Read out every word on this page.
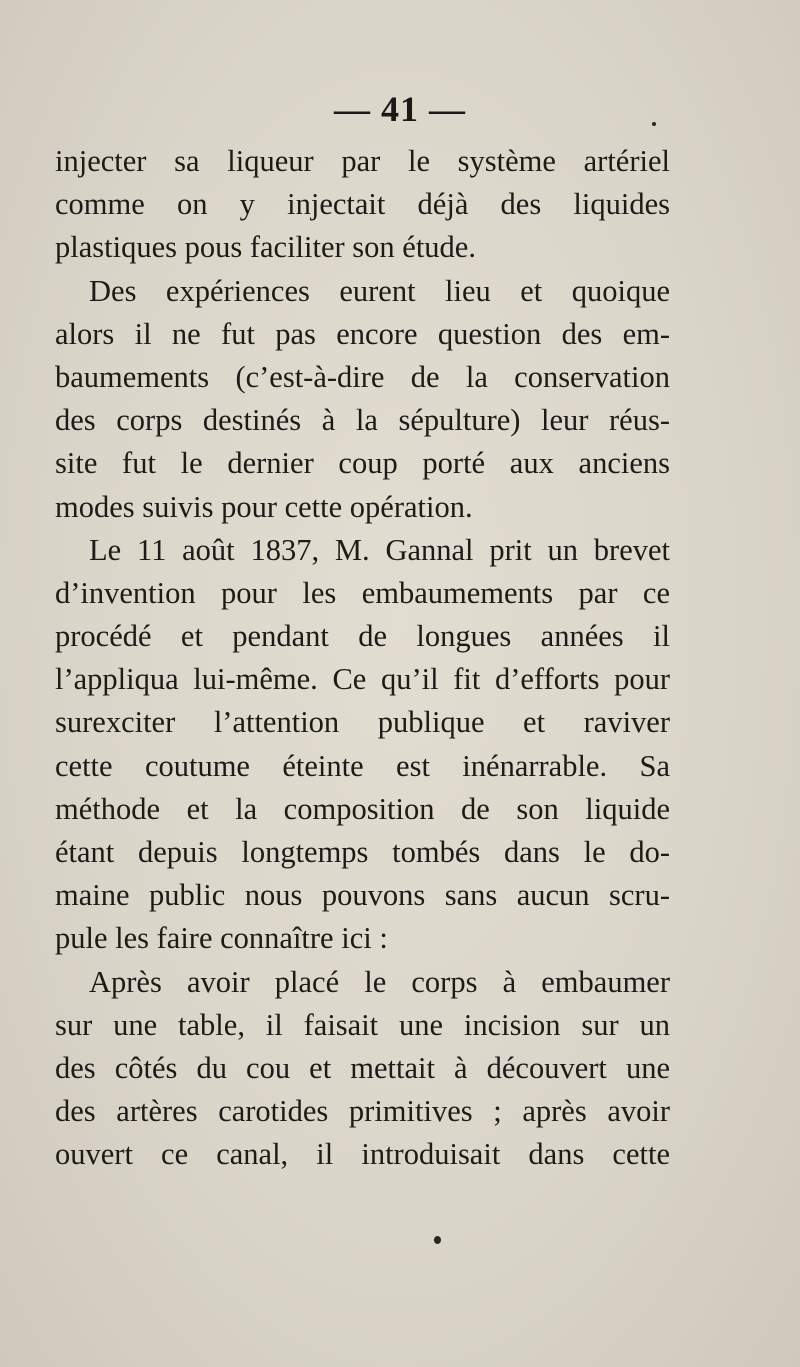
— 41 —
injecter sa liqueur par le système artériel
comme on y injectait déjà des liquides
plastiques pous faciliter son étude.
Des expériences eurent lieu et quoique
alors il ne fut pas encore question des em-
baumements (c’est-à-dire de la conservation
des corps destinés à la sépulture) leur réus-
site fut le dernier coup porté aux anciens
modes suivis pour cette opération.
Le 11 août 1837, M. Gannal prit un brevet
d’invention pour les embaumements par ce
procédé et pendant de longues années il
l’appliqua lui-même. Ce qu’il fit d’efforts pour
surexciter l’attention publique et raviver
cette coutume éteinte est inénarrable. Sa
méthode et la composition de son liquide
étant depuis longtemps tombés dans le do-
maine public nous pouvons sans aucun scru-
pule les faire connaître ici :
Après avoir placé le corps à embaumer
sur une table, il faisait une incision sur un
des côtés du cou et mettait à découvert une
des artères carotides primitives ; après avoir
ouvert ce canal, il introduisait dans cette
